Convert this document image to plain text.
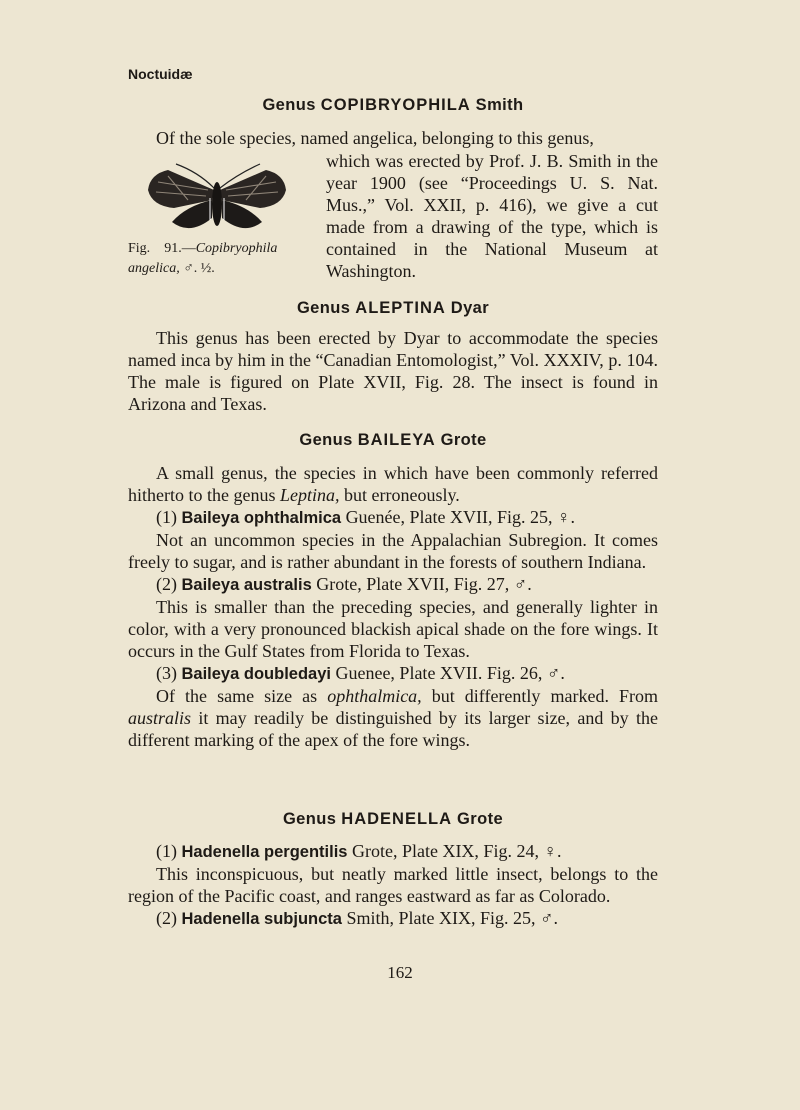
Noctuidæ
Genus COPIBRYOPHILA Smith

Of the sole species, named angelica, belonging to this genus,

Fig. 91.—Copibryophila angelica, ♂. ½.

which was erected by Prof. J. B. Smith in the year 1900 (see “Proceedings U. S. Nat. Mus.,” Vol. XXII, p. 416), we give a cut made from a drawing of the type, which is contained in the National Museum at Washington.

Genus ALEPTINA Dyar

This genus has been erected by Dyar to accommodate the species named inca by him in the “Canadian Entomologist,” Vol. XXXIV, p. 104. The male is figured on Plate XVII, Fig. 28. The insect is found in Arizona and Texas.

Genus BAILEYA Grote

A small genus, the species in which have been commonly referred hitherto to the genus Leptina, but erroneously.

(1) Baileya ophthalmica Guenée, Plate XVII, Fig. 25, ♀.

Not an uncommon species in the Appalachian Subregion. It comes freely to sugar, and is rather abundant in the forests of southern Indiana.

(2) Baileya australis Grote, Plate XVII, Fig. 27, ♂.

This is smaller than the preceding species, and generally lighter in color, with a very pronounced blackish apical shade on the fore wings. It occurs in the Gulf States from Florida to Texas.

(3) Baileya doubledayi Guenee, Plate XVII. Fig. 26, ♂.

Of the same size as ophthalmica, but differently marked. From australis it may readily be distinguished by its larger size, and by the different marking of the apex of the fore wings.

Genus HADENELLA Grote

(1) Hadenella pergentilis Grote, Plate XIX, Fig. 24, ♀.

This inconspicuous, but neatly marked little insect, belongs to the region of the Pacific coast, and ranges eastward as far as Colorado.

(2) Hadenella subjuncta Smith, Plate XIX, Fig. 25, ♂.

162
